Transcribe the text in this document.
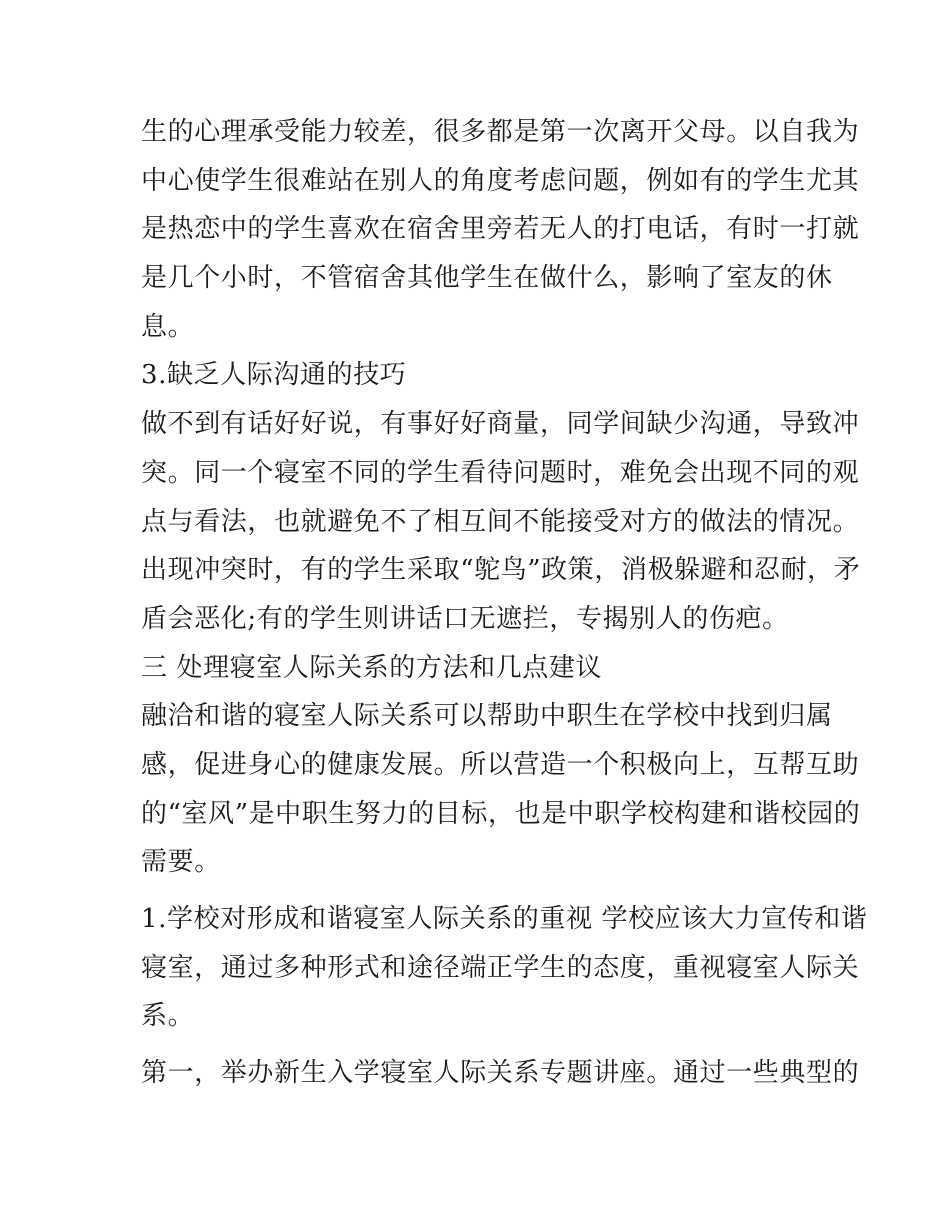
生的心理承受能力较差，很多都是第一次离开父母。以自我为
中心使学生很难站在别人的角度考虑问题，例如有的学生尤其
是热恋中的学生喜欢在宿舍里旁若无人的打电话，有时一打就
是几个小时，不管宿舍其他学生在做什么，影响了室友的休
息。
3.缺乏人际沟通的技巧
做不到有话好好说，有事好好商量，同学间缺少沟通，导致冲
突。同一个寝室不同的学生看待问题时，难免会出现不同的观
点与看法，也就避免不了相互间不能接受对方的做法的情况。
出现冲突时，有的学生采取“鸵鸟”政策，消极躲避和忍耐，矛
盾会恶化;有的学生则讲话口无遮拦，专揭别人的伤疤。
三 处理寝室人际关系的方法和几点建议
融洽和谐的寝室人际关系可以帮助中职生在学校中找到归属
感，促进身心的健康发展。所以营造一个积极向上，互帮互助
的“室风”是中职生努力的目标，也是中职学校构建和谐校园的
需要。
1.学校对形成和谐寝室人际关系的重视 学校应该大力宣传和谐
寝室，通过多种形式和途径端正学生的态度，重视寝室人际关
系。
第一，举办新生入学寝室人际关系专题讲座。通过一些典型的
